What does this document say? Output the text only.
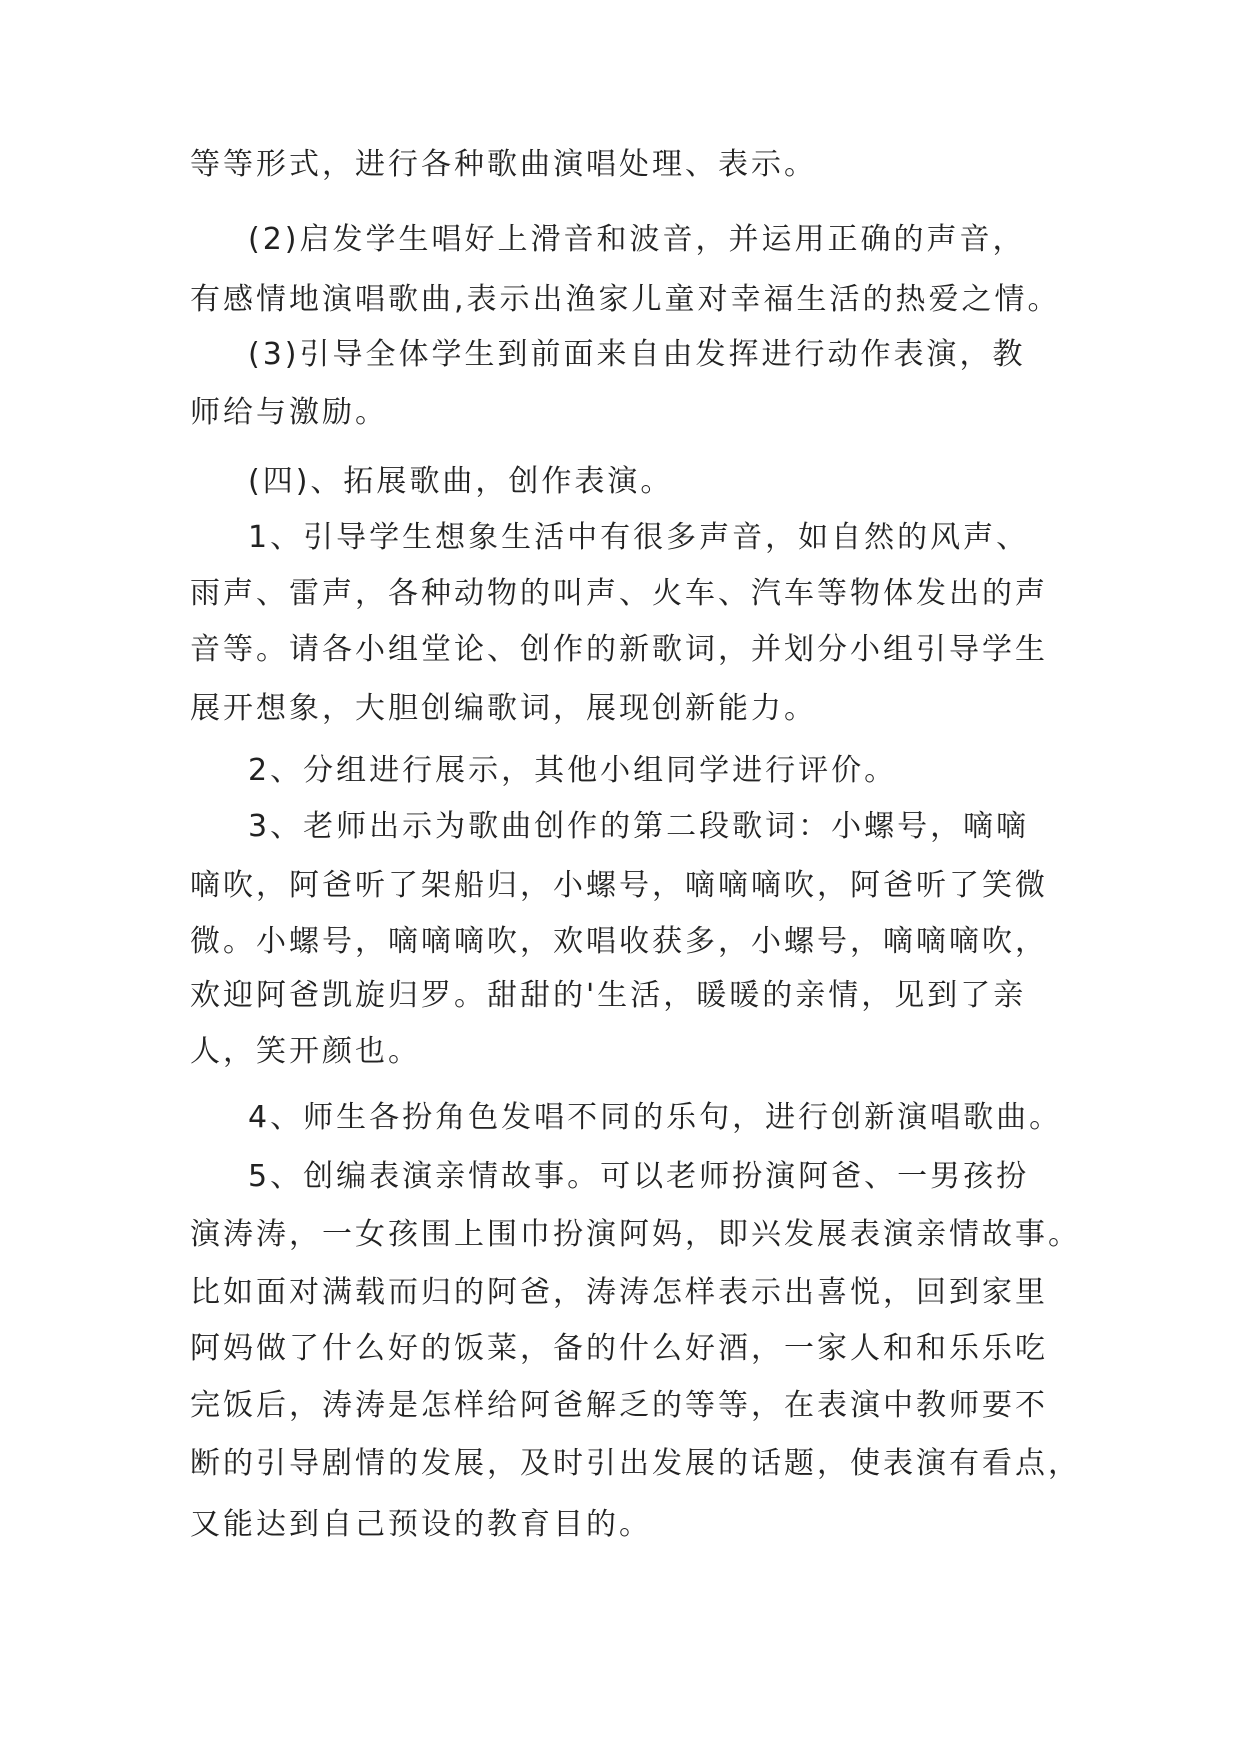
等等形式，进行各种歌曲演唱处理、表示。
(2)启发学生唱好上滑音和波音，并运用正确的声音，
有感情地演唱歌曲,表示出渔家儿童对幸福生活的热爱之情。
(3)引导全体学生到前面来自由发挥进行动作表演，教
师给与激励。
(四)、拓展歌曲，创作表演。
1、引导学生想象生活中有很多声音，如自然的风声、
雨声、雷声，各种动物的叫声、火车、汽车等物体发出的声
音等。请各小组堂论、创作的新歌词，并划分小组引导学生
展开想象，大胆创编歌词，展现创新能力。
2、分组进行展示，其他小组同学进行评价。
3、老师出示为歌曲创作的第二段歌词：小螺号，嘀嘀
嘀吹，阿爸听了架船归，小螺号，嘀嘀嘀吹，阿爸听了笑微
微。小螺号，嘀嘀嘀吹，欢唱收获多，小螺号，嘀嘀嘀吹，
欢迎阿爸凯旋归罗。甜甜的'生活，暖暖的亲情，见到了亲
人，笑开颜也。
4、师生各扮角色发唱不同的乐句，进行创新演唱歌曲。
5、创编表演亲情故事。可以老师扮演阿爸、一男孩扮
演涛涛，一女孩围上围巾扮演阿妈，即兴发展表演亲情故事。
比如面对满载而归的阿爸，涛涛怎样表示出喜悦，回到家里
阿妈做了什么好的饭菜，备的什么好酒，一家人和和乐乐吃
完饭后，涛涛是怎样给阿爸解乏的等等，在表演中教师要不
断的引导剧情的发展，及时引出发展的话题，使表演有看点，
又能达到自己预设的教育目的。
